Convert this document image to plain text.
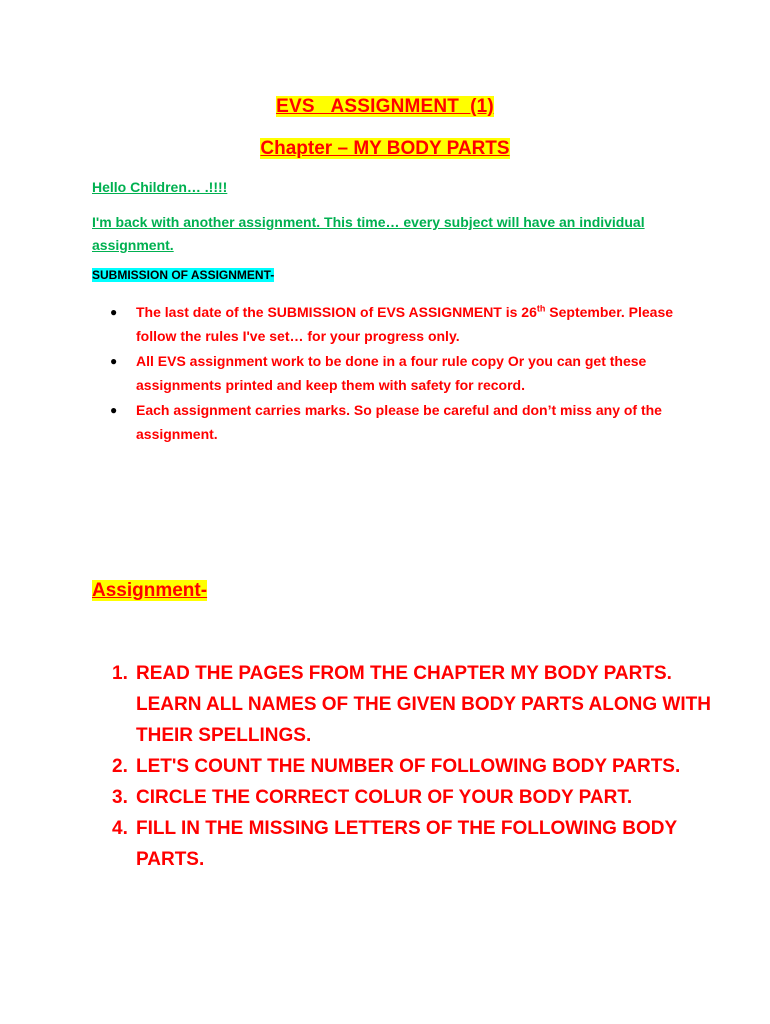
EVS   ASSIGNMENT  (1)
Chapter – MY BODY PARTS
Hello Children… .!!!!
I'm back with another assignment. This time… every subject will have an individual assignment.
SUBMISSION OF ASSIGNMENT-
● The last date of the SUBMISSION of EVS ASSIGNMENT is 26th September. Please follow the rules I've set… for your progress only.
● All EVS assignment work to be done in a four rule copy Or you can get these assignments printed and keep them with safety for record.
● Each assignment carries marks. So please be careful and don’t miss any of the assignment.
Assignment-
1. READ THE PAGES FROM THE CHAPTER MY BODY PARTS. LEARN ALL NAMES OF THE GIVEN BODY PARTS ALONG WITH THEIR SPELLINGS.
2. LET'S COUNT THE NUMBER OF FOLLOWING BODY PARTS.
3. CIRCLE THE CORRECT COLUR OF YOUR BODY PART.
4. FILL IN THE MISSING LETTERS OF THE FOLLOWING BODY PARTS.
